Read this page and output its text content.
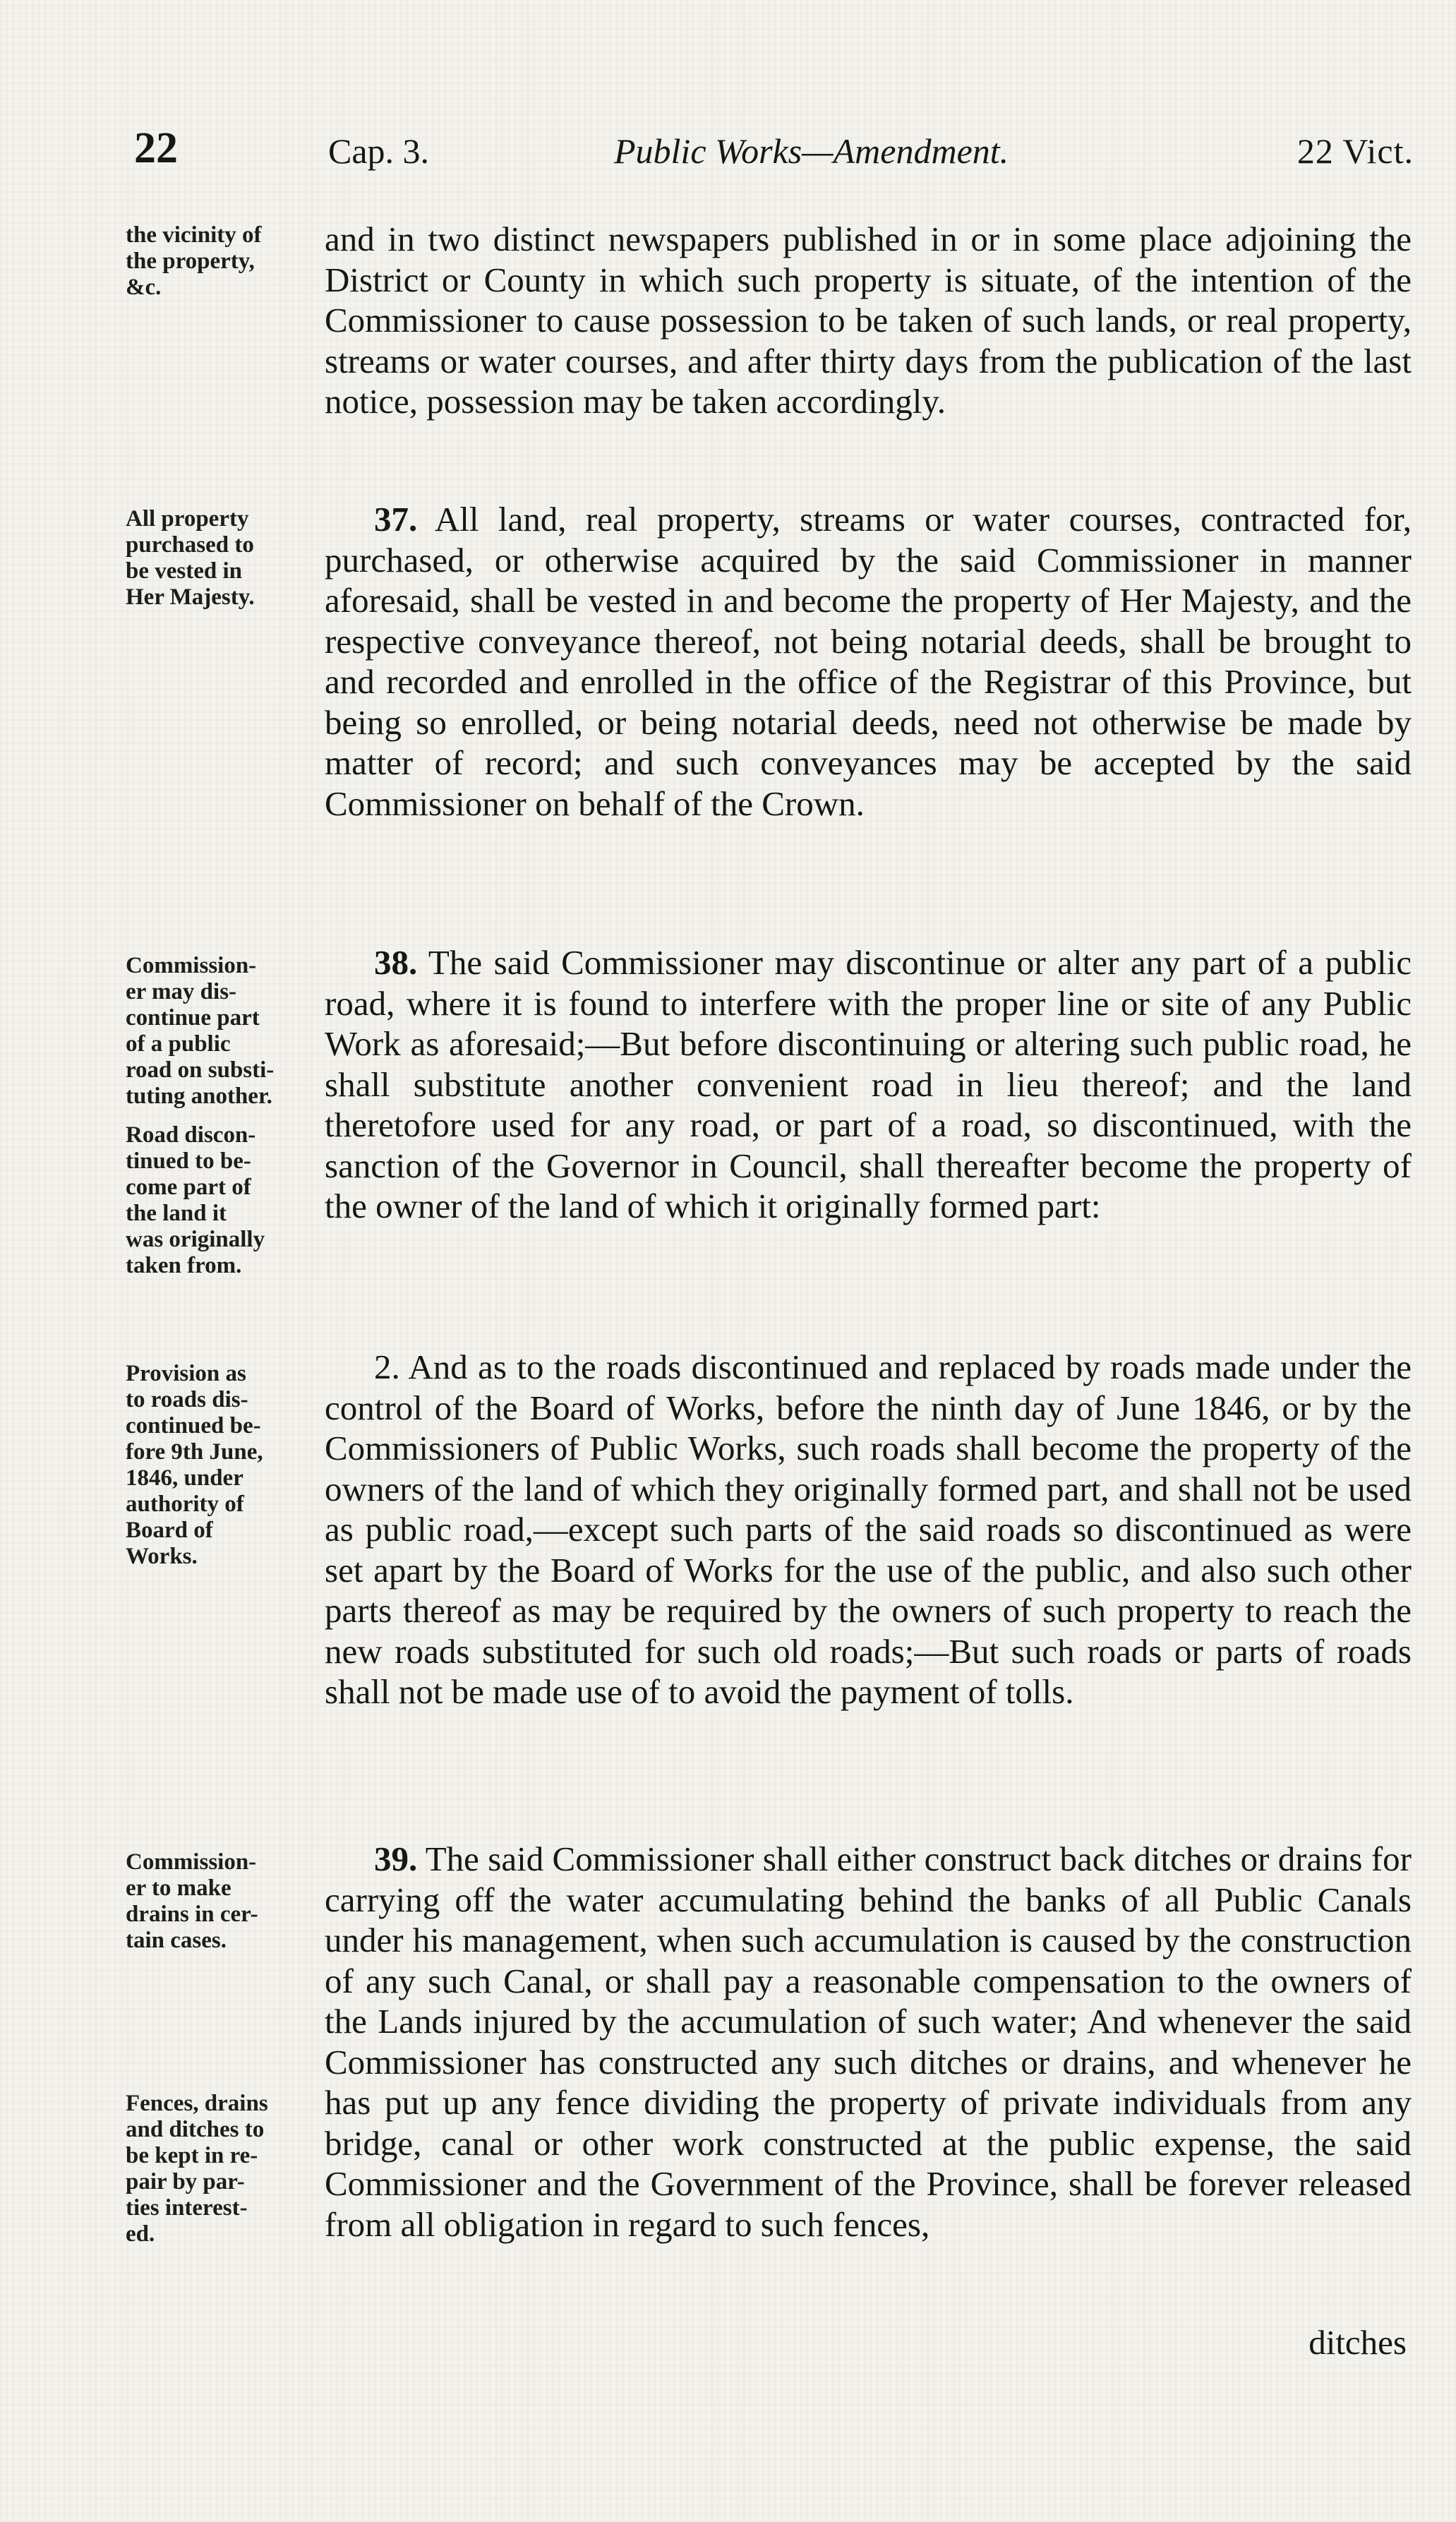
22	Cap. 3.	Public Works—Amendment.	22 Vict.
the vicinity of
the property,
&c.
and in two distinct newspapers published in or in some place adjoining the District or County in which such property is situate, of the intention of the Commissioner to cause possession to be taken of such lands, or real property, streams or water courses, and after thirty days from the publication of the last notice, possession may be taken accordingly.
All property
purchased to
be vested in
Her Majesty.
37. All land, real property, streams or water courses, contracted for, purchased, or otherwise acquired by the said Commissioner in manner aforesaid, shall be vested in and become the property of Her Majesty, and the respective conveyance thereof, not being notarial deeds, shall be brought to and recorded and enrolled in the office of the Registrar of this Province, but being so enrolled, or being notarial deeds, need not otherwise be made by matter of record; and such conveyances may be accepted by the said Commissioner on behalf of the Crown.
Commission-
er may dis-
continue part
of a public
road on substi-
tuting another.
Road discon-
tinued to be-
come part of
the land it
was originally
taken from.
38. The said Commissioner may discontinue or alter any part of a public road, where it is found to interfere with the proper line or site of any Public Work as aforesaid;—But before discontinuing or altering such public road, he shall substitute another convenient road in lieu thereof; and the land theretofore used for any road, or part of a road, so discontinued, with the sanction of the Governor in Council, shall thereafter become the property of the owner of the land of which it originally formed part:
Provision as
to roads dis-
continued be-
fore 9th June,
1846, under
authority of
Board of
Works.
2. And as to the roads discontinued and replaced by roads made under the control of the Board of Works, before the ninth day of June 1846, or by the Commissioners of Public Works, such roads shall become the property of the owners of the land of which they originally formed part, and shall not be used as public road,—except such parts of the said roads so discontinued as were set apart by the Board of Works for the use of the public, and also such other parts thereof as may be required by the owners of such property to reach the new roads substituted for such old roads;—But such roads or parts of roads shall not be made use of to avoid the payment of tolls.
Commission-
er to make
drains in cer-
tain cases.
Fences, drains
and ditches to
be kept in re-
pair by par-
ties interest-
ed.
39. The said Commissioner shall either construct back ditches or drains for carrying off the water accumulating behind the banks of all Public Canals under his management, when such accumulation is caused by the construction of any such Canal, or shall pay a reasonable compensation to the owners of the Lands injured by the accumulation of such water; And whenever the said Commissioner has constructed any such ditches or drains, and whenever he has put up any fence dividing the property of private individuals from any bridge, canal or other work constructed at the public expense, the said Commissioner and the Government of the Province, shall be forever released from all obligation in regard to such fences,
ditches
